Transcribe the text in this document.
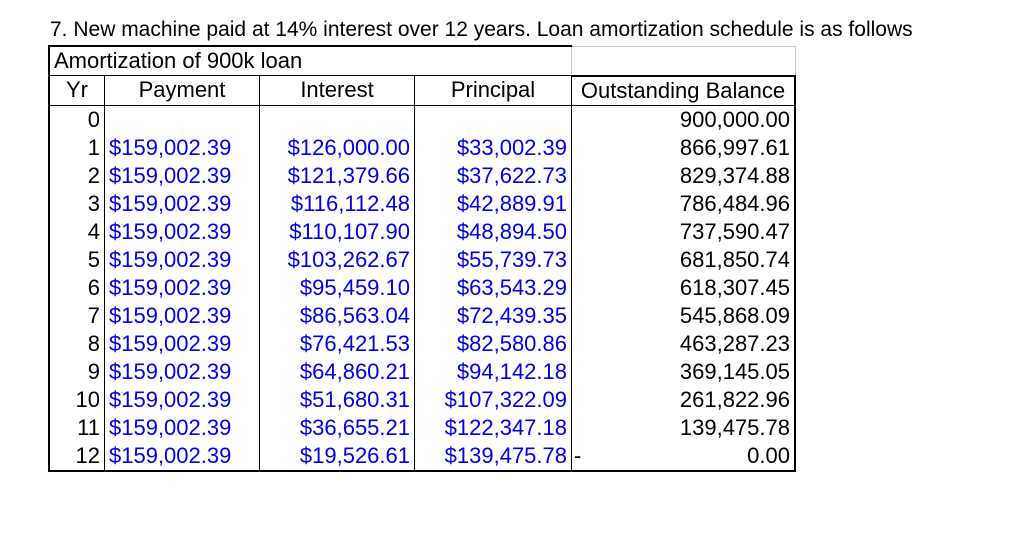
7. New machine paid at 14% interest over 12 years. Loan amortization schedule is as follows
Amortization of 900k loan				
Yr	Payment	Interest	Principal	Outstanding Balance
0				900,000.00
1	$159,002.39	$126,000.00	$33,002.39	866,997.61
2	$159,002.39	$121,379.66	$37,622.73	829,374.88
3	$159,002.39	$116,112.48	$42,889.91	786,484.96
4	$159,002.39	$110,107.90	$48,894.50	737,590.47
5	$159,002.39	$103,262.67	$55,739.73	681,850.74
6	$159,002.39	$95,459.10	$63,543.29	618,307.45
7	$159,002.39	$86,563.04	$72,439.35	545,868.09
8	$159,002.39	$76,421.53	$82,580.86	463,287.23
9	$159,002.39	$64,860.21	$94,142.18	369,145.05
10	$159,002.39	$51,680.31	$107,322.09	261,822.96
11	$159,002.39	$36,655.21	$122,347.18	139,475.78
12	$159,002.39	$19,526.61	$139,475.78	- 0.00
